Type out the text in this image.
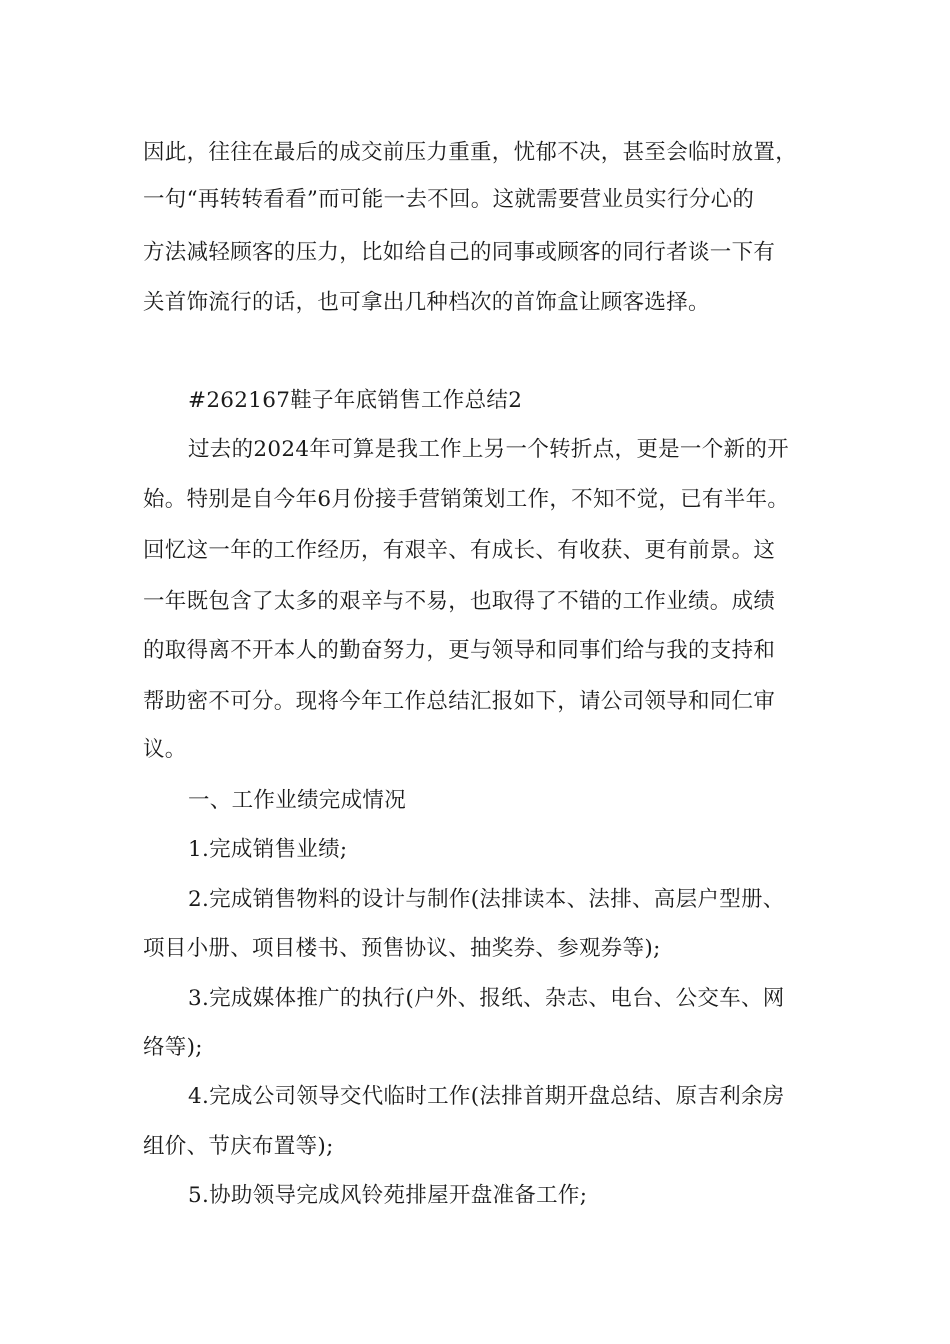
因此，往往在最后的成交前压力重重，忧郁不决，甚至会临时放置，
一句“再转转看看”而可能一去不回。这就需要营业员实行分心的
方法减轻顾客的压力，比如给自己的同事或顾客的同行者谈一下有
关首饰流行的话，也可拿出几种档次的首饰盒让顾客选择。
#262167鞋子年底销售工作总结2
过去的2024年可算是我工作上另一个转折点，更是一个新的开
始。特别是自今年6月份接手营销策划工作，不知不觉，已有半年。
回忆这一年的工作经历，有艰辛、有成长、有收获、更有前景。这
一年既包含了太多的艰辛与不易，也取得了不错的工作业绩。成绩
的取得离不开本人的勤奋努力，更与领导和同事们给与我的支持和
帮助密不可分。现将今年工作总结汇报如下，请公司领导和同仁审
议。
一、工作业绩完成情况
1.完成销售业绩;
2.完成销售物料的设计与制作(法排读本、法排、高层户型册、
项目小册、项目楼书、预售协议、抽奖券、参观券等);
3.完成媒体推广的执行(户外、报纸、杂志、电台、公交车、网
络等);
4.完成公司领导交代临时工作(法排首期开盘总结、原吉利余房
组价、节庆布置等);
5.协助领导完成风铃苑排屋开盘准备工作;
